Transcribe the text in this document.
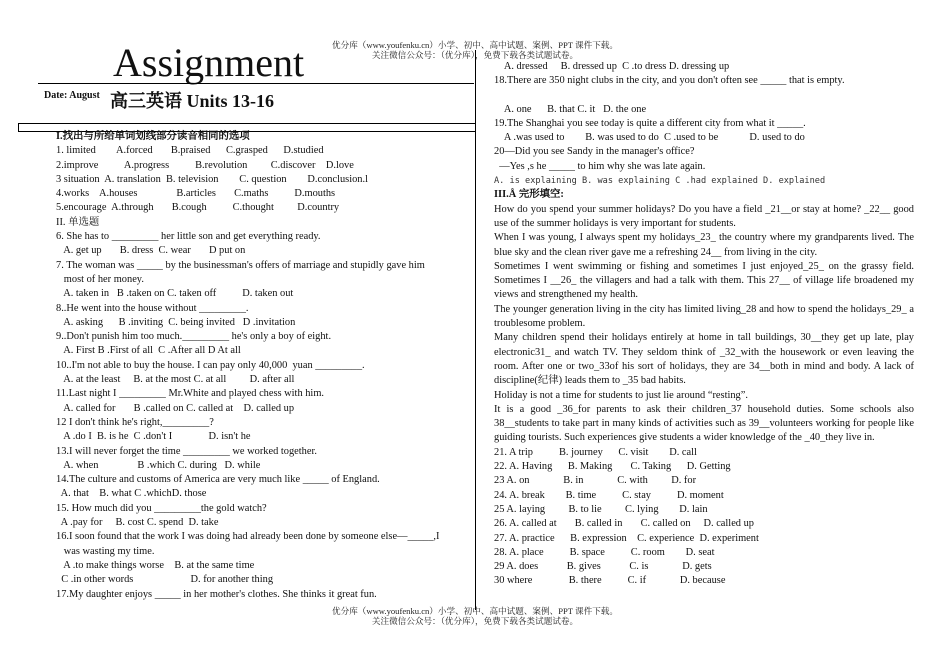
优分库（www.youfenku.cn）小学、初中、高中试题、案例、PPT 课件下载。
关注微信公众号：（优分库），免费下载各类试题试卷。
Assignment
Date: August 高三英语 Units 13-16
I.找出与所给单词划线部分读音相同的选项
1. limited        A.forced       B.praised      C.grasped      D.studied
2.improve          A.progress          B.revolution         C.discover    D.love
3 situation  A. translation  B. television        C. question        D.conclusion.l
4.works    A.houses               B.articles       C.maths          D.mouths
5.encourage  A.through       B.cough          C.thought         D.country
II. 单选题
6. She has to _________ her little son and get everything ready.
A. get up       B. dress  C. wear       D put on
7. The woman was _____ by the businessman's offers of marriage and stupidly gave him
most of her money.
A. taken in   B .taken on C. taken off          D. taken out
8..He went into the house without _________.
A. asking      B .inviting  C. being invited   D .invitation
9..Don't punish him too much._________ he's only a boy of eight.
A. First B .First of all  C .After all D At all
10..I'm not able to buy the house. I can pay only 40,000  yuan _________.
A. at the least     B. at the most C. at all         D. after all
11.Last night I _________ Mr.White and played chess with him.
A. called for       B .called on C. called at    D. called up
12 I don't think he's right,_________?
A .do I  B. is he  C .don't I              D. isn't he
13.I will never forget the time _________ we worked together.
A. when               B .which C. during   D. while
14.The culture and customs of America are very much like _____ of England.
A. that    B. what C .whichD. those
15. How much did you _________the gold watch?
A .pay for     B. cost C. spend  D. take
16.I soon found that the work I was doing had already been done by someone else—_____,I
was wasting my time.
A .to make things worse    B. at the same time
C .in other words                      D. for another thing
17.My daughter enjoys _____ in her mother's clothes. She thinks it great fun.
A. dressed     B. dressed up  C .to dress D. dressing up
18.There are 350 night clubs in the city, and you don't often see _____ that is empty.
A. one      B. that C. it   D. the one
19.The Shanghai you see today is quite a different city from what it _____.
A .was used to        B. was used to do  C .used to be            D. used to do
20—Did you see Sandy in the manager's office?
—Yes ,s he _____ to him why she was late again.
A. is explaining B. was explaining C .had explained D. explained
III.Å 完形填空:
How do you spend your summer holidays? Do you have a field _21__or stay at home? _22__ good use of the summer holidays is very important for students.
When I was young, I always spent my holidays_23_ the country where my grandparents lived. The blue sky and the clean river gave me a refreshing 24__ from living in the city.
Sometimes I went swimming or fishing and sometimes I just enjoyed_25_ on the grassy field. Sometimes I __26_ the villagers and had a talk with them. This 27__ of village life broadened my views and strengthened my health.
The younger generation living in the city has limited living_28 and how to spend the holidays_29_ a troublesome problem.
Many children spend their holidays entirely at home in tall buildings, 30__they get up late, play electronic31_ and watch TV. They seldom think of _32_with the housework or even leaving the room. After one or two_33of his sort of holidays, they are 34__both in mind and body. A lack of discipline(纪律) leads them to _35 bad habits.
Holiday is not a time for students to just lie around “resting”.
It is a good _36_for parents to ask their children_37 household duties. Some schools also 38__students to take part in many kinds of activities such as 39__volunteers working for people like guiding tourists. Such experiences give students a wider knowledge of the _40_they live in.
21. A trip          B. journey      C. visit        D. call
22. A. Having      B. Making       C. Taking      D. Getting
23 A. on             B. in             C. with         D. for
24. A. break        B. time          C. stay          D. moment
25 A. laying         B. to lie         C. lying        D. lain
26. A. called at       B. called in       C. called on     D. called up
27. A. practice      B. expression    C. experience  D. experiment
28. A. place          B. space          C. room        D. seat
29 A. does           B. gives           C. is             D. gets
30 where              B. there          C. if             D. because
优分库（www.youfenku.cn）小学、初中、高中试题、案例、PPT 课件下载。
关注微信公众号：（优分库），免费下载各类试题试卷。
